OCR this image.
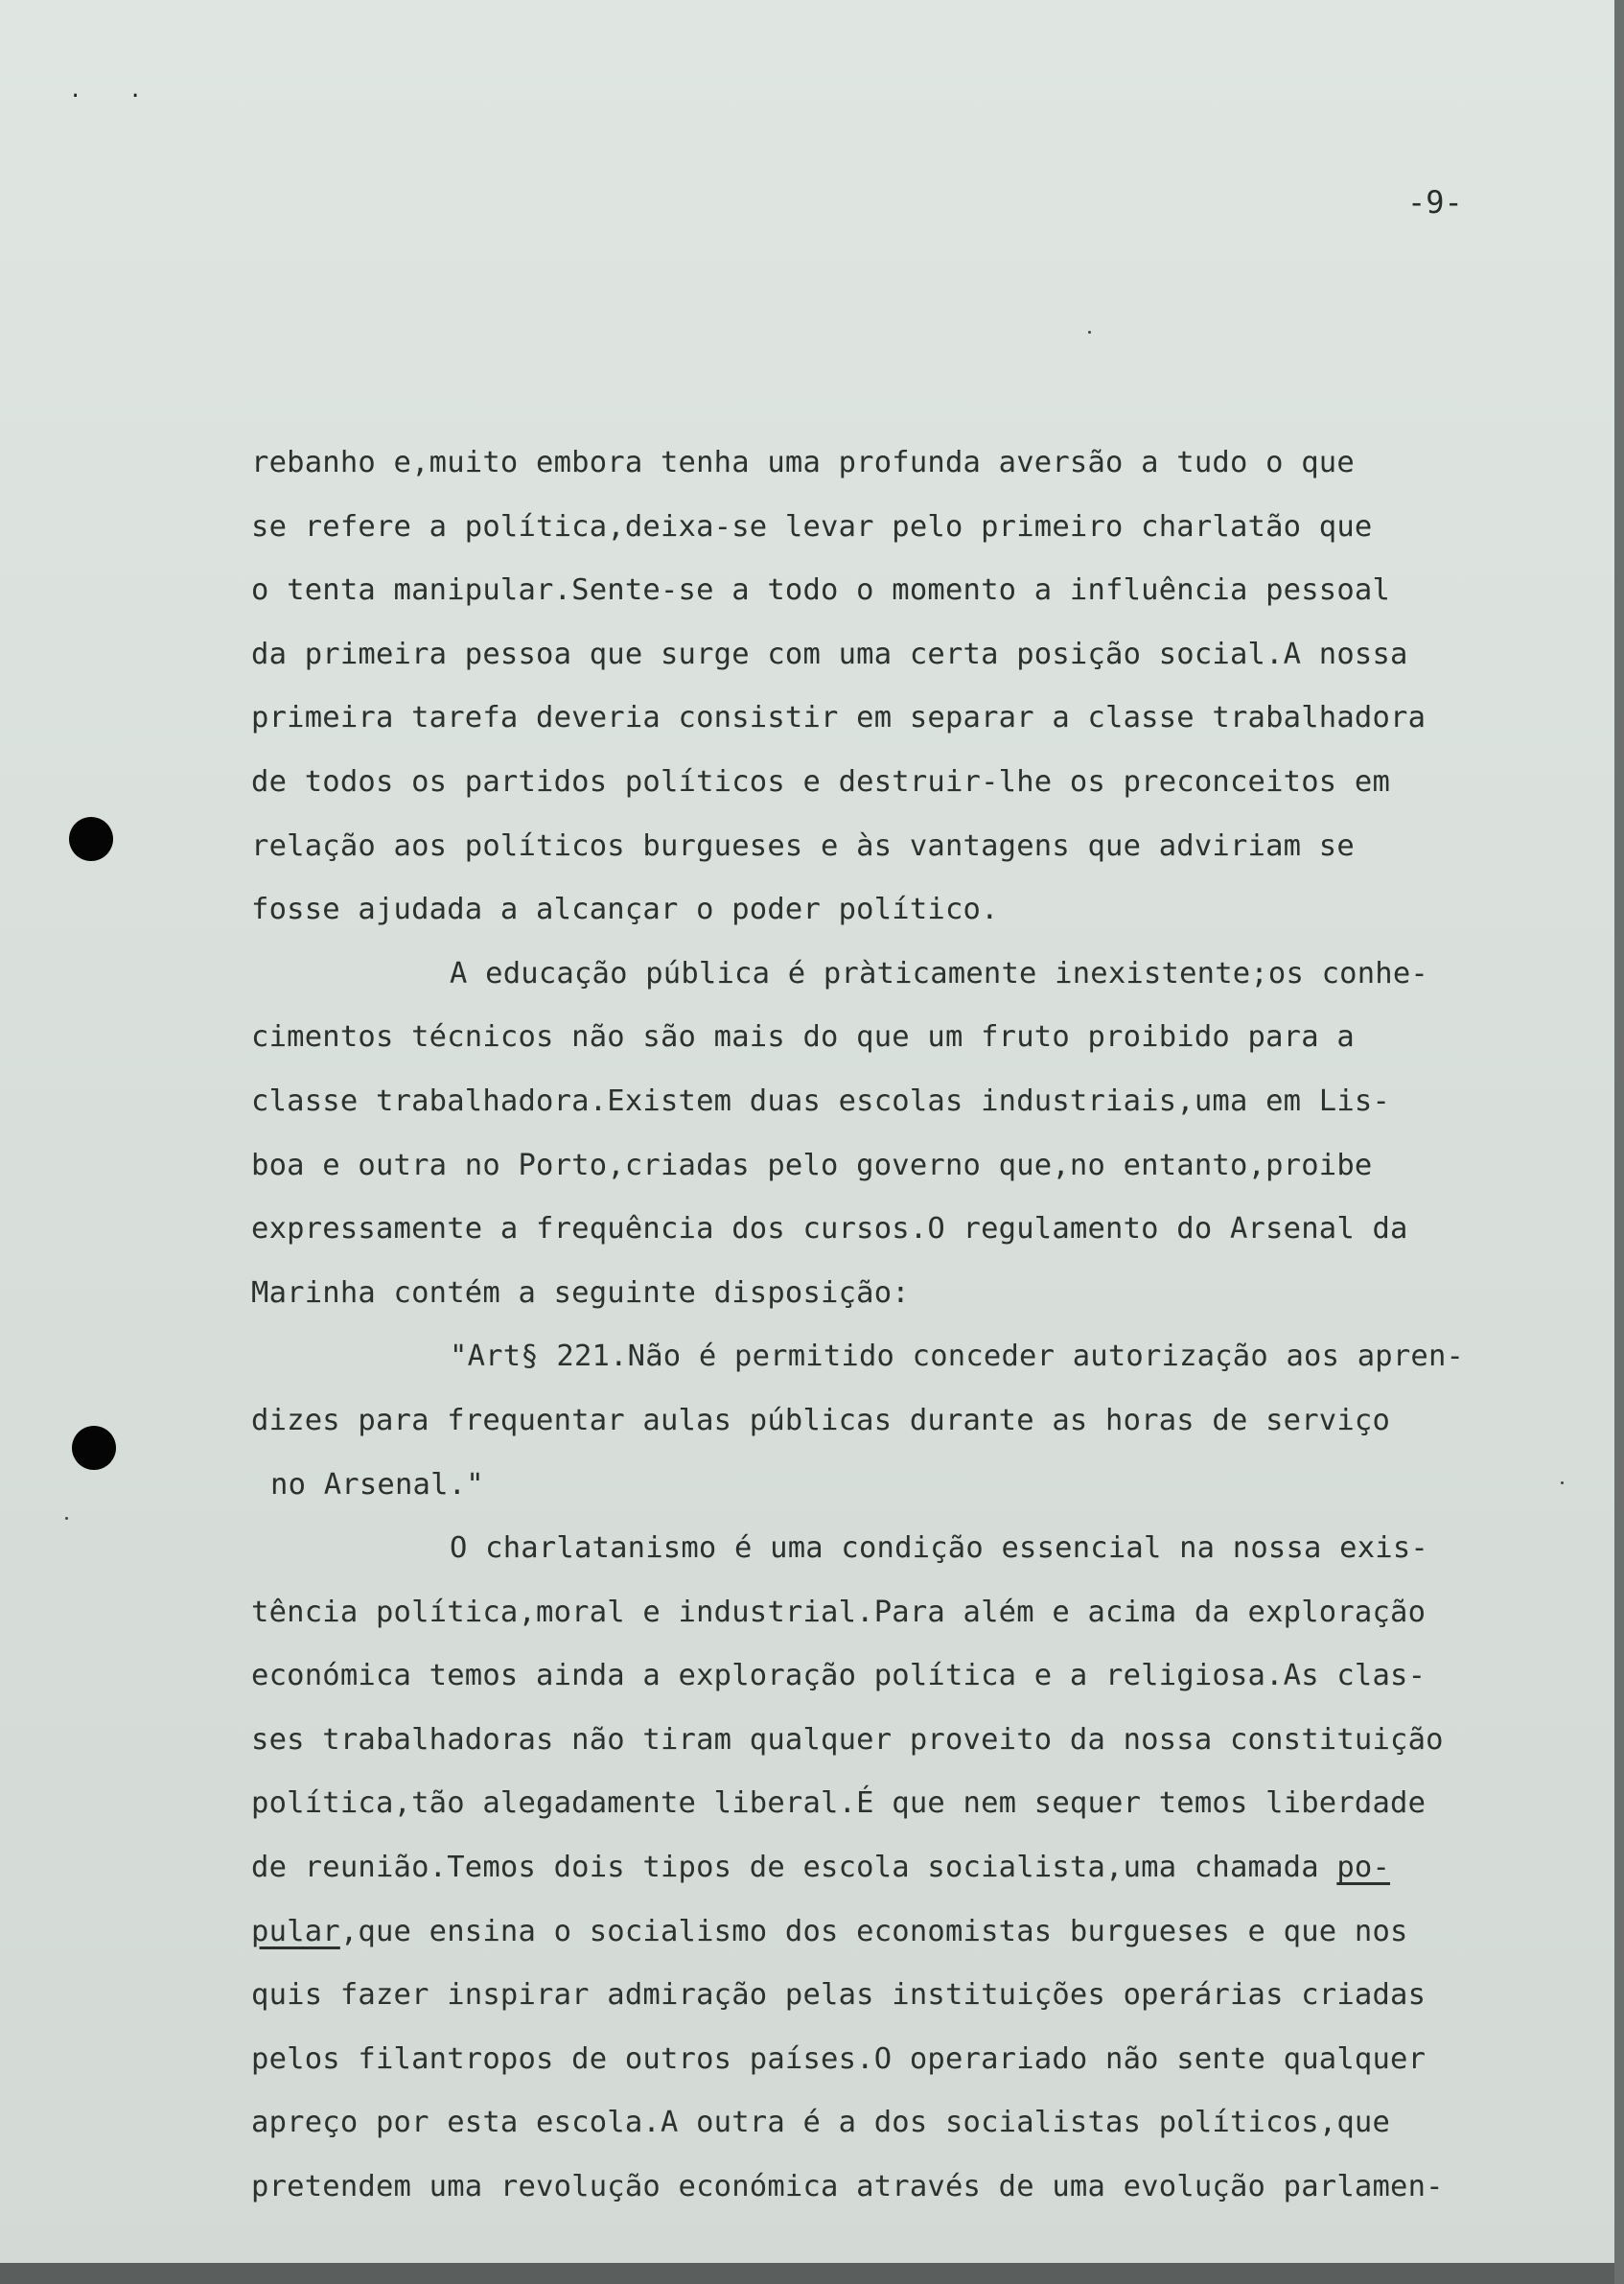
. .
-9-
rebanho e,muito embora tenha uma profunda aversão a tudo o que
se refere a política,deixa-se levar pelo primeiro charlatão que
o tenta manipular.Sente-se a todo o momento a influência pessoal
da primeira pessoa que surge com uma certa posição social.A nossa
primeira tarefa deveria consistir em separar a classe trabalhadora
de todos os partidos políticos e destruir-lhe os preconceitos em
relação aos políticos burgueses e às vantagens que adviriam se
fosse ajudada a alcançar o poder político.
A educação pública é pràticamente inexistente;os conhe-
cimentos técnicos não são mais do que um fruto proibido para a
classe trabalhadora.Existem duas escolas industriais,uma em Lis-
boa e outra no Porto,criadas pelo governo que,no entanto,proibe
expressamente a frequência dos cursos.O regulamento do Arsenal da
Marinha contém a seguinte disposição:
"Art§ 221.Não é permitido conceder autorização aos apren-
dizes para frequentar aulas públicas durante as horas de serviço
no Arsenal."
O charlatanismo é uma condição essencial na nossa exis-
tência política,moral e industrial.Para além e acima da exploração
económica temos ainda a exploração política e a religiosa.As clas-
ses trabalhadoras não tiram qualquer proveito da nossa constituição
política,tão alegadamente liberal.É que nem sequer temos liberdade
de reunião.Temos dois tipos de escola socialista,uma chamada po-
pular,que ensina o socialismo dos economistas burgueses e que nos
quis fazer inspirar admiração pelas instituições operárias criadas
pelos filantropos de outros países.O operariado não sente qualquer
apreço por esta escola.A outra é a dos socialistas políticos,que
pretendem uma revolução económica através de uma evolução parlamen-
